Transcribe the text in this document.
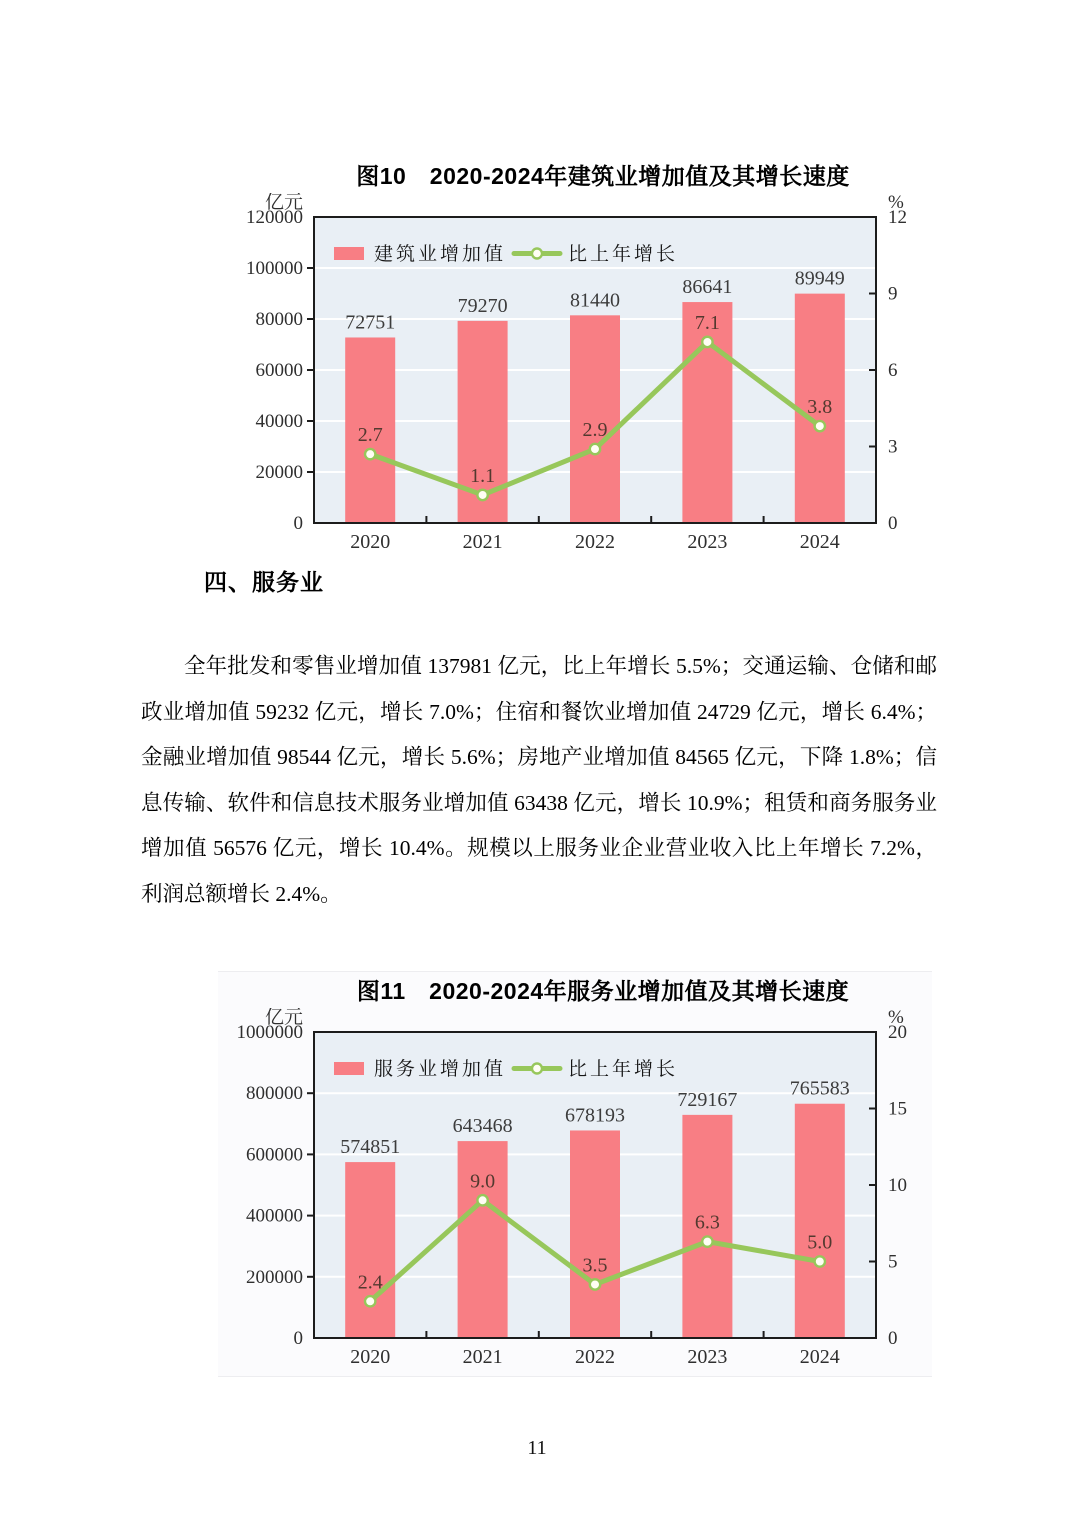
图10　2020-2024年建筑业增加值及其增长速度
72751
79270	81440
86641	89949
2.7
1.1
2.9
7.1
3.8
0
20000
40000
60000
80000
100000
120000
0
3
6
9
12
2020	2021	2022	2023	2024
亿元	%
建筑业增加值	比上年增长
四、服务业

全年批发和零售业增加值 137981 亿元，比上年增长 5.5%；交通运输、仓储和邮政业增加值 59232 亿元，增长 7.0%；住宿和餐饮业增加值 24729 亿元，增长 6.4%；金融业增加值 98544 亿元，增长 5.6%；房地产业增加值 84565 亿元，下降 1.8%；信息传输、软件和信息技术服务业增加值 63438 亿元，增长 10.9%；租赁和商务服务业增加值 56576 亿元，增长 10.4%。规模以上服务业企业营业收入比上年增长 7.2%，利润总额增长 2.4%。

图11　2020-2024年服务业增加值及其增长速度
574851
643468	678193
729167
765583
2.4
9.0
3.5
6.3
5.0
0
200000
400000
600000
800000
1000000
0
5
10
15
20
2020	2021	2022	2023	2024
亿元	%
服务业增加值	比上年增长
11
